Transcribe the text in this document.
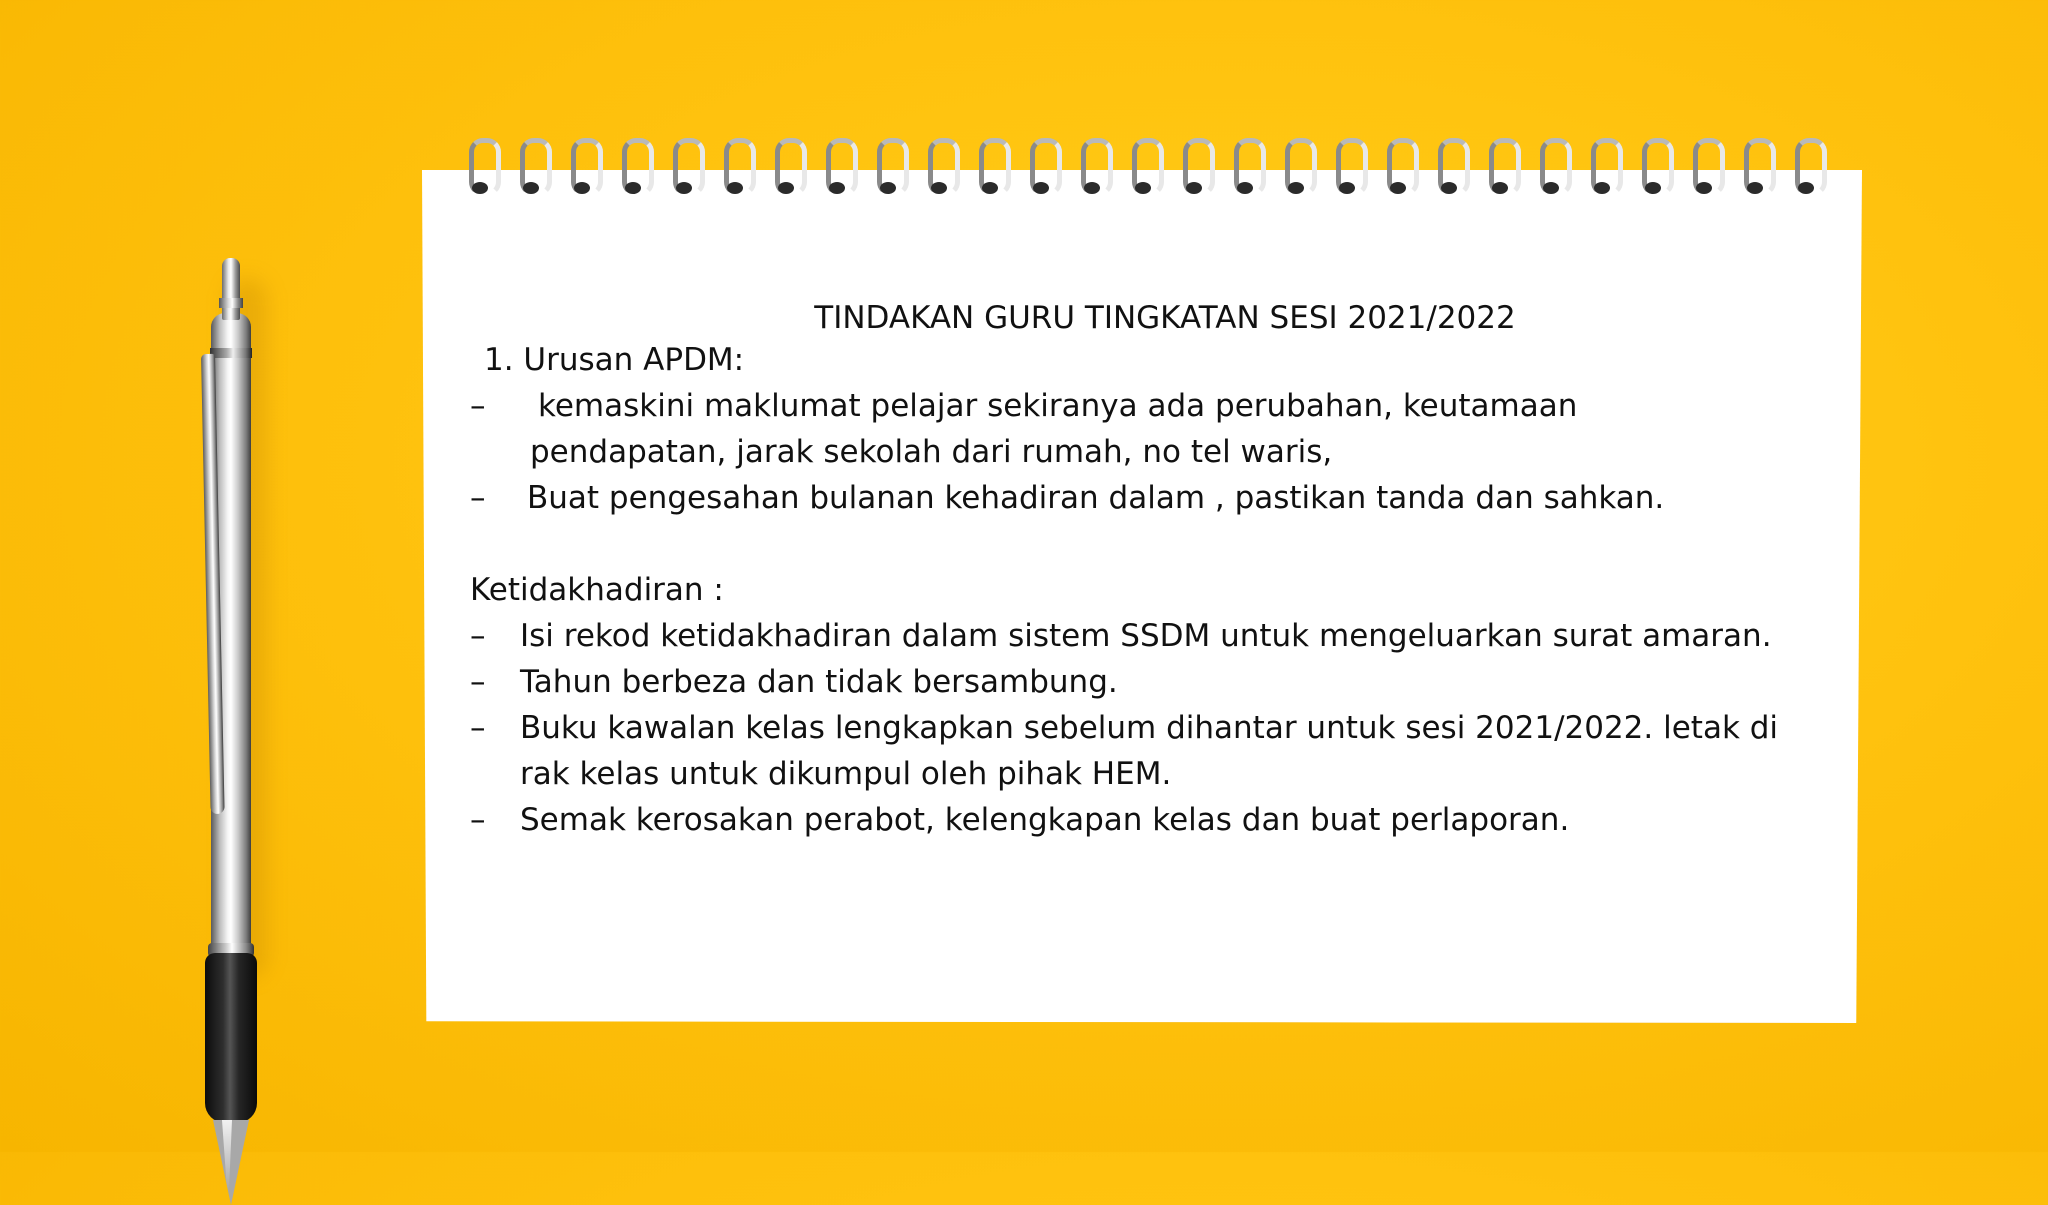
TINDAKAN GURU TINGKATAN SESI 2021/2022
1. Urusan APDM:
– kemaskini maklumat pelajar sekiranya ada perubahan, keutamaan
pendapatan, jarak sekolah dari rumah, no tel waris,
– Buat pengesahan bulanan kehadiran dalam , pastikan tanda dan sahkan.
Ketidakhadiran :
– Isi rekod ketidakhadiran dalam sistem SSDM untuk mengeluarkan surat amaran.
– Tahun berbeza dan tidak bersambung.
– Buku kawalan kelas lengkapkan sebelum dihantar untuk sesi 2021/2022. letak di
rak kelas untuk dikumpul oleh pihak HEM.
– Semak kerosakan perabot, kelengkapan kelas dan buat perlaporan.
